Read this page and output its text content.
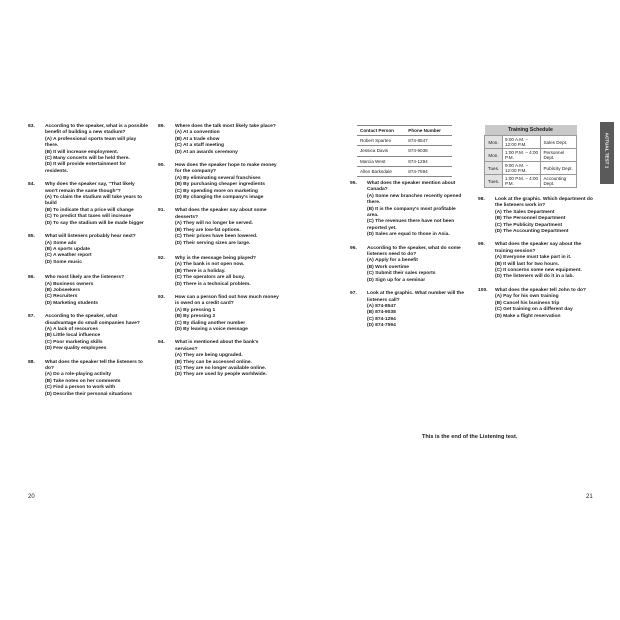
83.	According to the speaker, what is a possible benefit of building a new stadium?
(A) A professional sports team will play there.
(B) It will increase employment.
(C) Many concerts will be held there.
(D) It will provide entertainment for residents.
84.	Why does the speaker say, "That likely won't remain the same though"?
(A) To claim the stadium will take years to build
(B) To indicate that a price will change
(C) To predict that taxes will increase
(D) To say the stadium will be made bigger
85.	What will listeners probably hear next?
(A) Some ads
(B) A sports update
(C) A weather report
(D) Some music
86.	Who most likely are the listeners?
(A) Business owners
(B) Jobseekers
(C) Recruiters
(D) Marketing students
87.	According to the speaker, what disadvantage do small companies have?
(A) A lack of resources
(B) Little local influence
(C) Poor marketing skills
(D) Few quality employees
88.	What does the speaker tell the listeners to do?
(A) Do a role-playing activity
(B) Take notes on her comments
(C) Find a person to work with
(D) Describe their personal situations
89.	Where does the talk most likely take place?
(A) At a convention
(B) At a trade show
(C) At a staff meeting
(D) At an awards ceremony
90.	How does the speaker hope to make money for the company?
(A) By eliminating several franchises
(B) By purchasing cheaper ingredients
(C) By spending more on marketing
(D) By changing the company's image
91.	What does the speaker say about some desserts?
(A) They will no longer be served.
(B) They are low-fat options.
(C) Their prices have been lowered.
(D) Their serving sizes are large.
92.	Why is the message being played?
(A) The bank is not open now.
(B) There is a holiday.
(C) The operators are all busy.
(D) There is a technical problem.
93.	How can a person find out how much money is owed on a credit card?
(A) By pressing 1
(B) By pressing 2
(C) By dialing another number
(D) By leaving a voice message
94.	What is mentioned about the bank's services?
(A) They are being upgraded.
(B) They can be accessed online.
(C) They are no longer available online.
(D) They are used by people worldwide.
20
Contact Person	Phone Number
Robert Sparten	874-8547
Jessica Davis	874-9038
Marcia West	874-1294
Allen Barksdale	874-7594
Training Schedule		
Mon.	9:00 A.M. – 12:00 P.M.	Sales Dept.
Mon.	1:00 P.M. – 4:00 P.M.	Personnel Dept.
Tues.	9:00 A.M. – 12:00 P.M.	Publicity Dept.
Tues.	1:00 P.M. – 4:00 P.M.	Accounting Dept.
ACTUAL TEST 1
95.	What does the speaker mention about Canada?
(A) Some new branches recently opened there.
(B) It is the company's most profitable area.
(C) The revenues there have not been reported yet.
(D) Sales are equal to those in Asia.
96.	According to the speaker, what do some listeners need to do?
(A) Apply for a benefit
(B) Work overtime
(C) Submit their sales reports
(D) Sign up for a seminar
97.	Look at the graphic. What number will the listeners call?
(A) 874-8547
(B) 874-9038
(C) 874-1294
(D) 874-7594
98.	Look at the graphic. Which department do the listeners work in?
(A) The Sales Department
(B) The Personnel Department
(C) The Publicity Department
(D) The Accounting Department
99.	What does the speaker say about the training session?
(A) Everyone must take part in it.
(B) It will last for two hours.
(C) It concerns some new equipment.
(D) The listeners will do it in a lab.
100.	What does the speaker tell John to do?
(A) Pay for his own training
(B) Cancel his business trip
(C) Get training on a different day
(D) Make a flight reservation
This is the end of the Listening test.
21
